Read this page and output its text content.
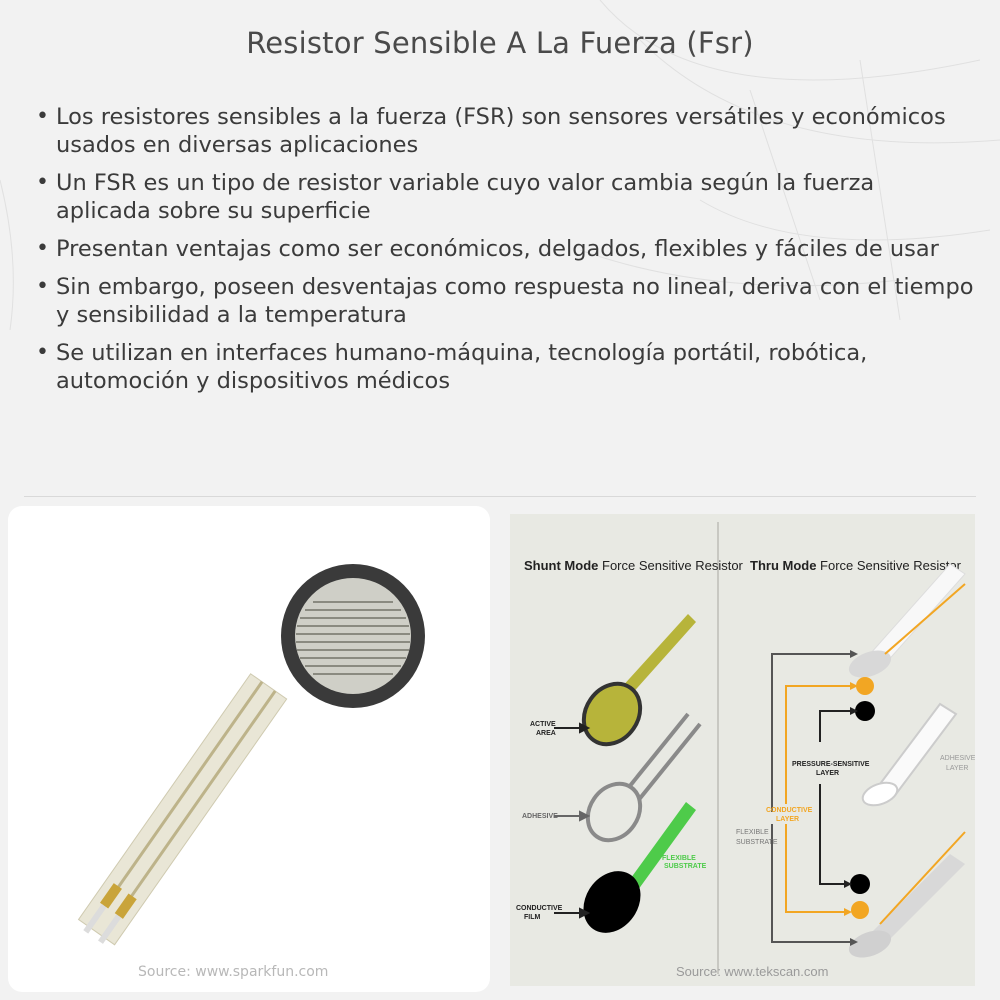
Resistor Sensible A La Fuerza (Fsr)
• Los resistores sensibles a la fuerza (FSR) son sensores versátiles y económicos usados en diversas aplicaciones
• Un FSR es un tipo de resistor variable cuyo valor cambia según la fuerza aplicada sobre su superficie
• Presentan ventajas como ser económicos, delgados, flexibles y fáciles de usar
• Sin embargo, poseen desventajas como respuesta no lineal, deriva con el tiempo y sensibilidad a la temperatura
• Se utilizan en interfaces humano-máquina, tecnología portátil, robótica, automoción y dispositivos médicos
Source: www.sparkfun.com
Shunt Mode Force Sensitive Resistor Thru Mode Force Sensitive Resistor
ACTIVE
AREA
ADHESIVE
FLEXIBLE
SUBSTRATE
CONDUCTIVE
FILM
PRESSURE-SENSITIVE
LAYER
CONDUCTIVE
LAYER
ADHESIVE
LAYER
FLEXIBLE
SUBSTRATE
Source: www.tekscan.com
